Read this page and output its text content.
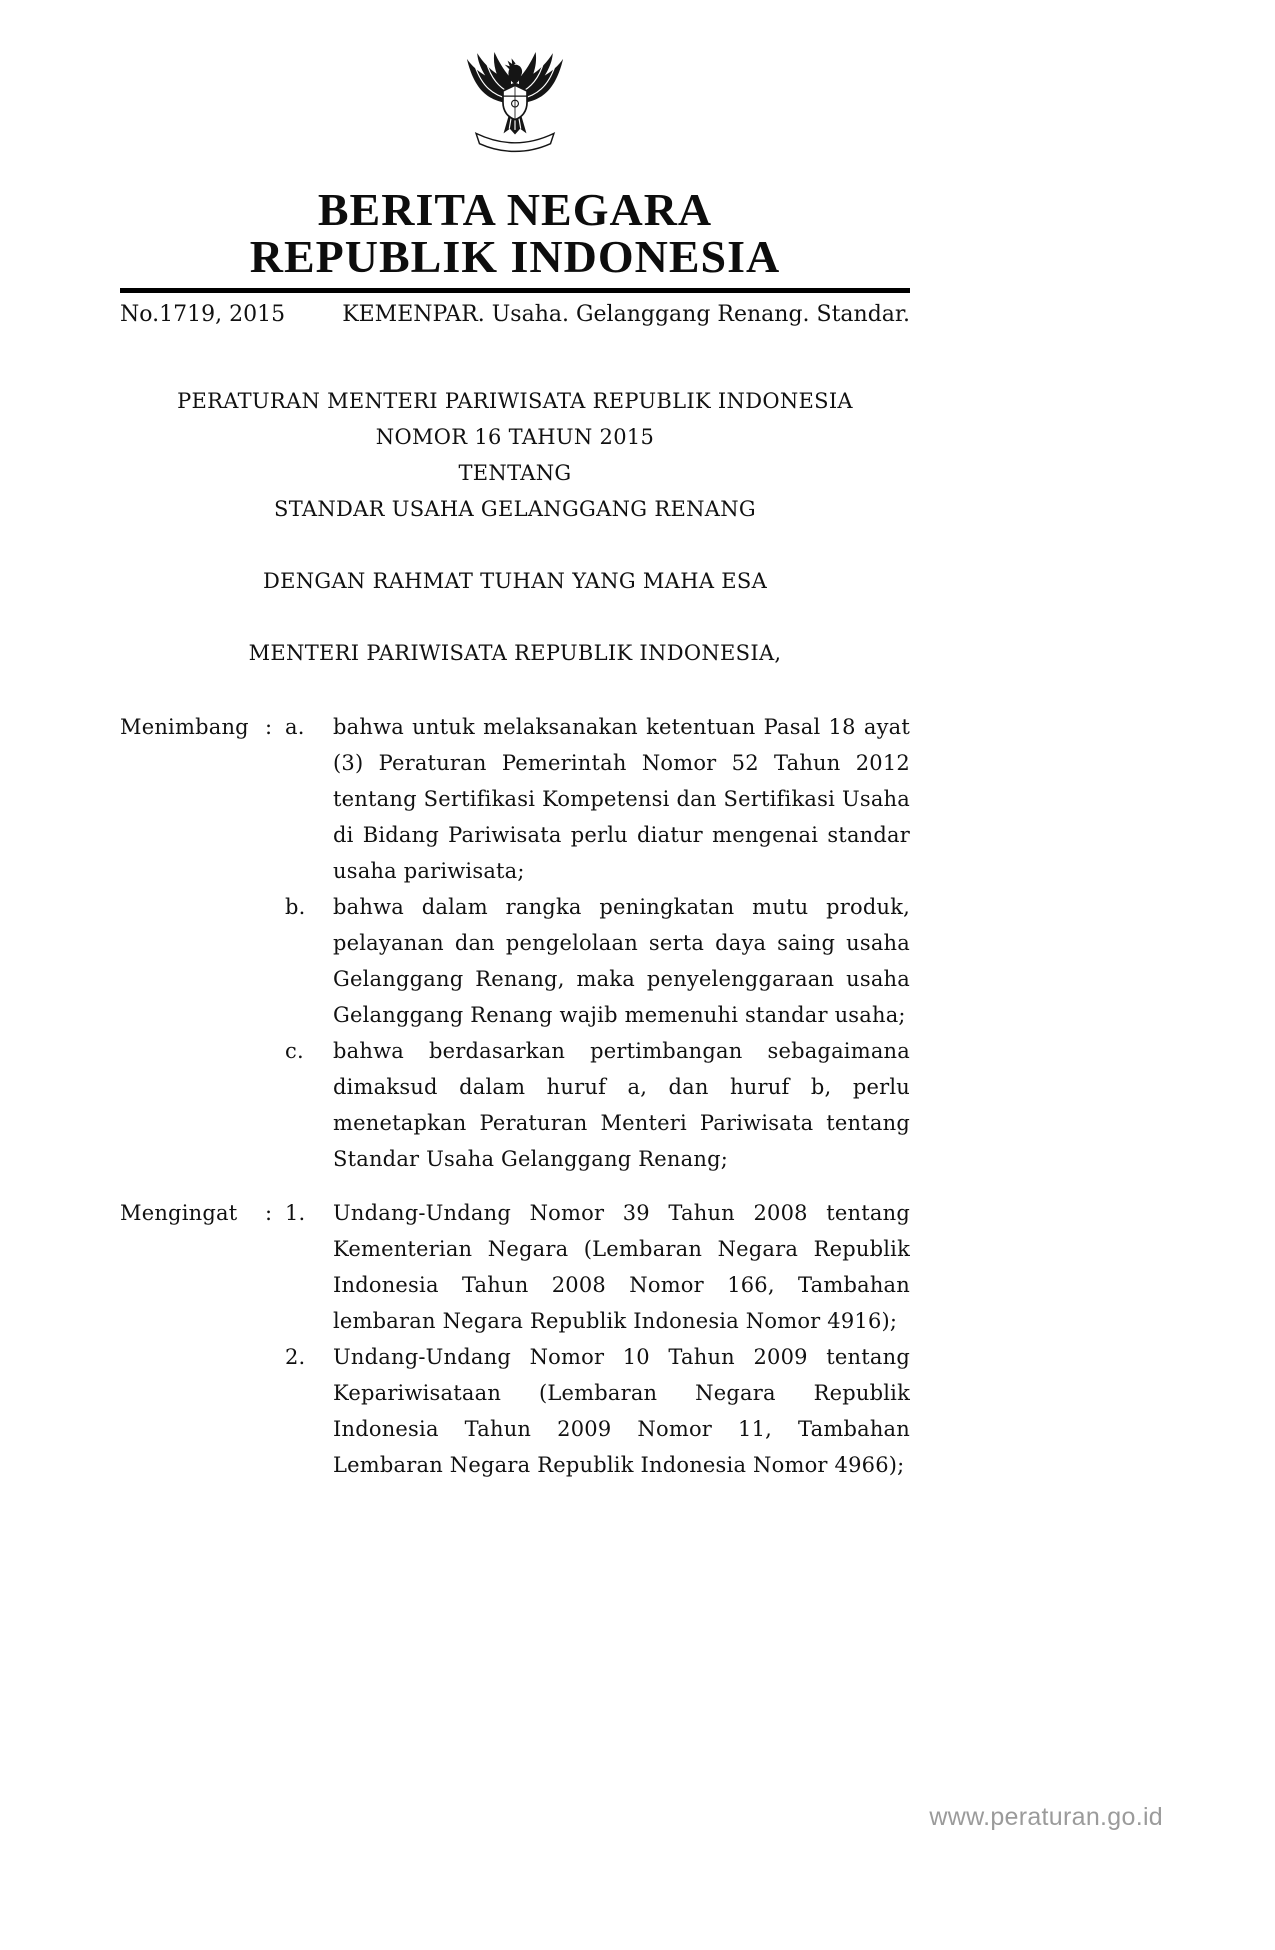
BERITA NEGARA
REPUBLIK INDONESIA
No.1719, 2015	KEMENPAR. Usaha. Gelanggang Renang. Standar.
PERATURAN MENTERI PARIWISATA REPUBLIK INDONESIA
NOMOR 16 TAHUN 2015
TENTANG
STANDAR USAHA GELANGGANG RENANG
DENGAN RAHMAT TUHAN YANG MAHA ESA
MENTERI PARIWISATA REPUBLIK INDONESIA,
Menimbang : a.	bahwa untuk melaksanakan ketentuan Pasal 18 ayat (3) Peraturan Pemerintah Nomor 52 Tahun 2012 tentang Sertifikasi Kompetensi dan Sertifikasi Usaha di Bidang Pariwisata perlu diatur mengenai standar usaha pariwisata;
b.	bahwa dalam rangka peningkatan mutu produk, pelayanan dan pengelolaan serta daya saing usaha Gelanggang Renang, maka penyelenggaraan usaha Gelanggang Renang wajib memenuhi standar usaha;
c.	bahwa berdasarkan pertimbangan sebagaimana dimaksud dalam huruf a, dan huruf b, perlu menetapkan Peraturan Menteri Pariwisata tentang Standar Usaha Gelanggang Renang;
Mengingat	: 1.	Undang-Undang Nomor 39 Tahun 2008 tentang Kementerian Negara (Lembaran Negara Republik Indonesia Tahun 2008 Nomor 166, Tambahan lembaran Negara Republik Indonesia Nomor 4916);
2.	Undang-Undang Nomor 10 Tahun 2009 tentang Kepariwisataan (Lembaran Negara Republik Indonesia Tahun 2009 Nomor 11, Tambahan Lembaran Negara Republik Indonesia Nomor 4966);
www.peraturan.go.id
